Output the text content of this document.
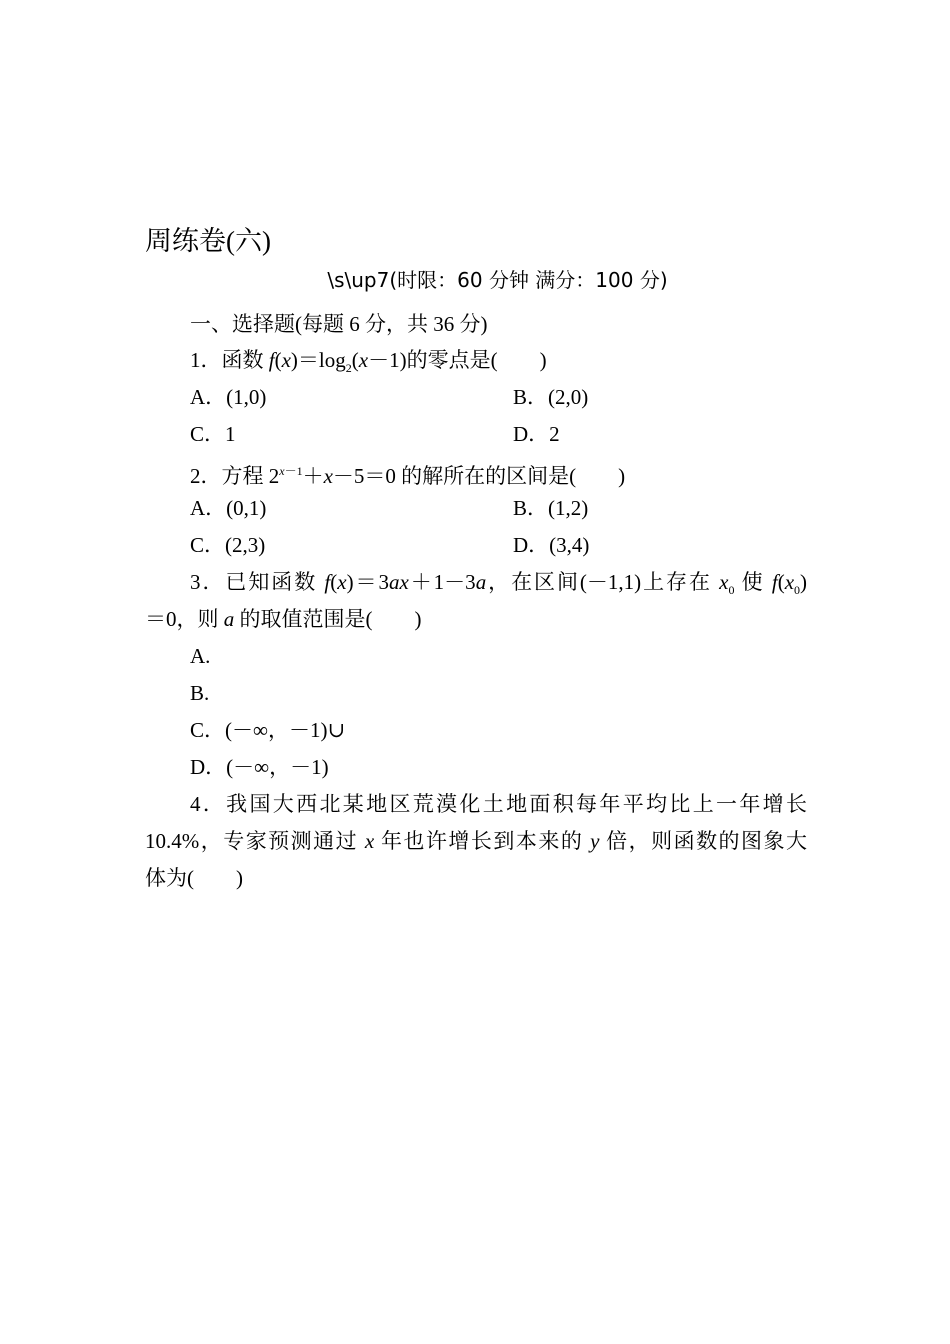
周练卷(六)
\s\up7(时限：60 分钟 满分：100 分)
一、选择题(每题 6 分，共 36 分)
1．函数 $f(x)=\log_2(x-1)$的零点是(　　)
A．(1,0)	B．(2,0)
C．1	D．2
2．方程 $2^{x-1}+x-5=0$ 的解所在的区间是(　　)
A．(0,1)	B．(1,2)
C．(2,3)	D．(3,4)
3．已知函数 f(x)＝3ax＋1－3a，在区间(－1,1)上存在 $x_0$ 使 $f(x_0)$
＝0，则 a 的取值范围是(　　)
A.
B.
C．(－∞，－1)∪
D．(－∞，－1)
4．我国大西北某地区荒漠化土地面积每年平均比上一年增长
10.4%，专家预测通过 x 年也许增长到本来的 y 倍，则函数的图象大
体为(　　)
